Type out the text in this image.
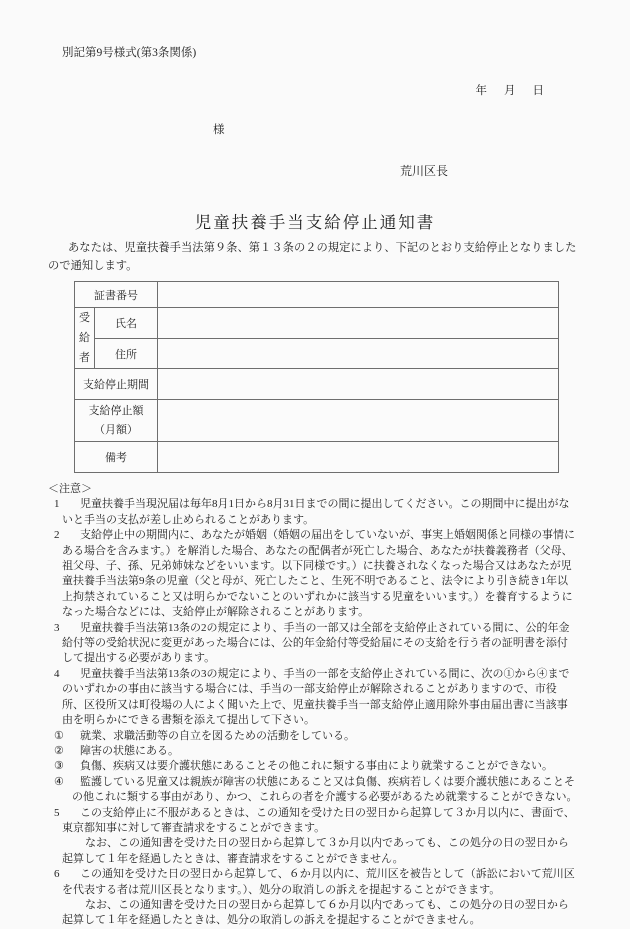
別記第9号様式(第3条関係)
年 月 日
様
荒川区長
児童扶養手当支給停止通知書

あなたは、児童扶養手当法第９条、第１３条の２の規定により、下記のとおり支給停止となりましたので通知します。

証書番号		

受給者	氏名	
	住所	
支給停止期間		

支給停止額
（月額）		

備考		
＜注意＞

1 児童扶養手当現況届は毎年8月1日から8月31日までの間に提出してください。この期間中に提出がないと手当の支払が差し止められることがあります。

2 支給停止中の期間内に、あなたが婚姻（婚姻の届出をしていないが、事実上婚姻関係と同様の事情にある場合を含みます。）を解消した場合、あなたの配偶者が死亡した場合、あなたが扶養義務者（父母、祖父母、子、孫、兄弟姉妹などをいいます。以下同様です。）に扶養されなくなった場合又はあなたが児童扶養手当法第9条の児童（父と母が、死亡したこと、生死不明であること、法令により引き続き1年以上拘禁されていること又は明らかでないことのいずれかに該当する児童をいいます。）を養育するようになった場合などには、支給停止が解除されることがあります。

3 児童扶養手当法第13条の2の規定により、手当の一部又は全部を支給停止されている間に、公的年金給付等の受給状況に変更があった場合には、公的年金給付等受給届にその支給を行う者の証明書を添付して提出する必要があります。

4 児童扶養手当法第13条の3の規定により、手当の一部を支給停止されている間に、次の①から④までのいずれかの事由に該当する場合には、手当の一部支給停止が解除されることがありますので、市役所、区役所又は町役場の人によく聞いた上で、児童扶養手当一部支給停止適用除外事由届出書に当該事由を明らかにできる書類を添えて提出して下さい。

① 就業、求職活動等の自立を図るための活動をしている。

② 障害の状態にある。

③ 負傷、疾病又は要介護状態にあることその他これに類する事由により就業することができない。

④ 監護している児童又は親族が障害の状態にあること又は負傷、疾病若しくは要介護状態にあることその他これに類する事由があり、かつ、これらの者を介護する必要があるため就業することができない。

5 この支給停止に不服があるときは、この通知を受けた日の翌日から起算して３か月以内に、書面で、東京都知事に対して審査請求をすることができます。

なお、この通知書を受けた日の翌日から起算して３か月以内であっても、この処分の日の翌日から起算して１年を経過したときは、審査請求をすることができません。

6 この通知を受けた日の翌日から起算して、６か月以内に、荒川区を被告として（訴訟において荒川区を代表する者は荒川区長となります。）、処分の取消しの訴えを提起することができます。

なお、この通知書を受けた日の翌日から起算して６か月以内であっても、この処分の日の翌日から起算して１年を経過したときは、処分の取消しの訴えを提起することができません。
